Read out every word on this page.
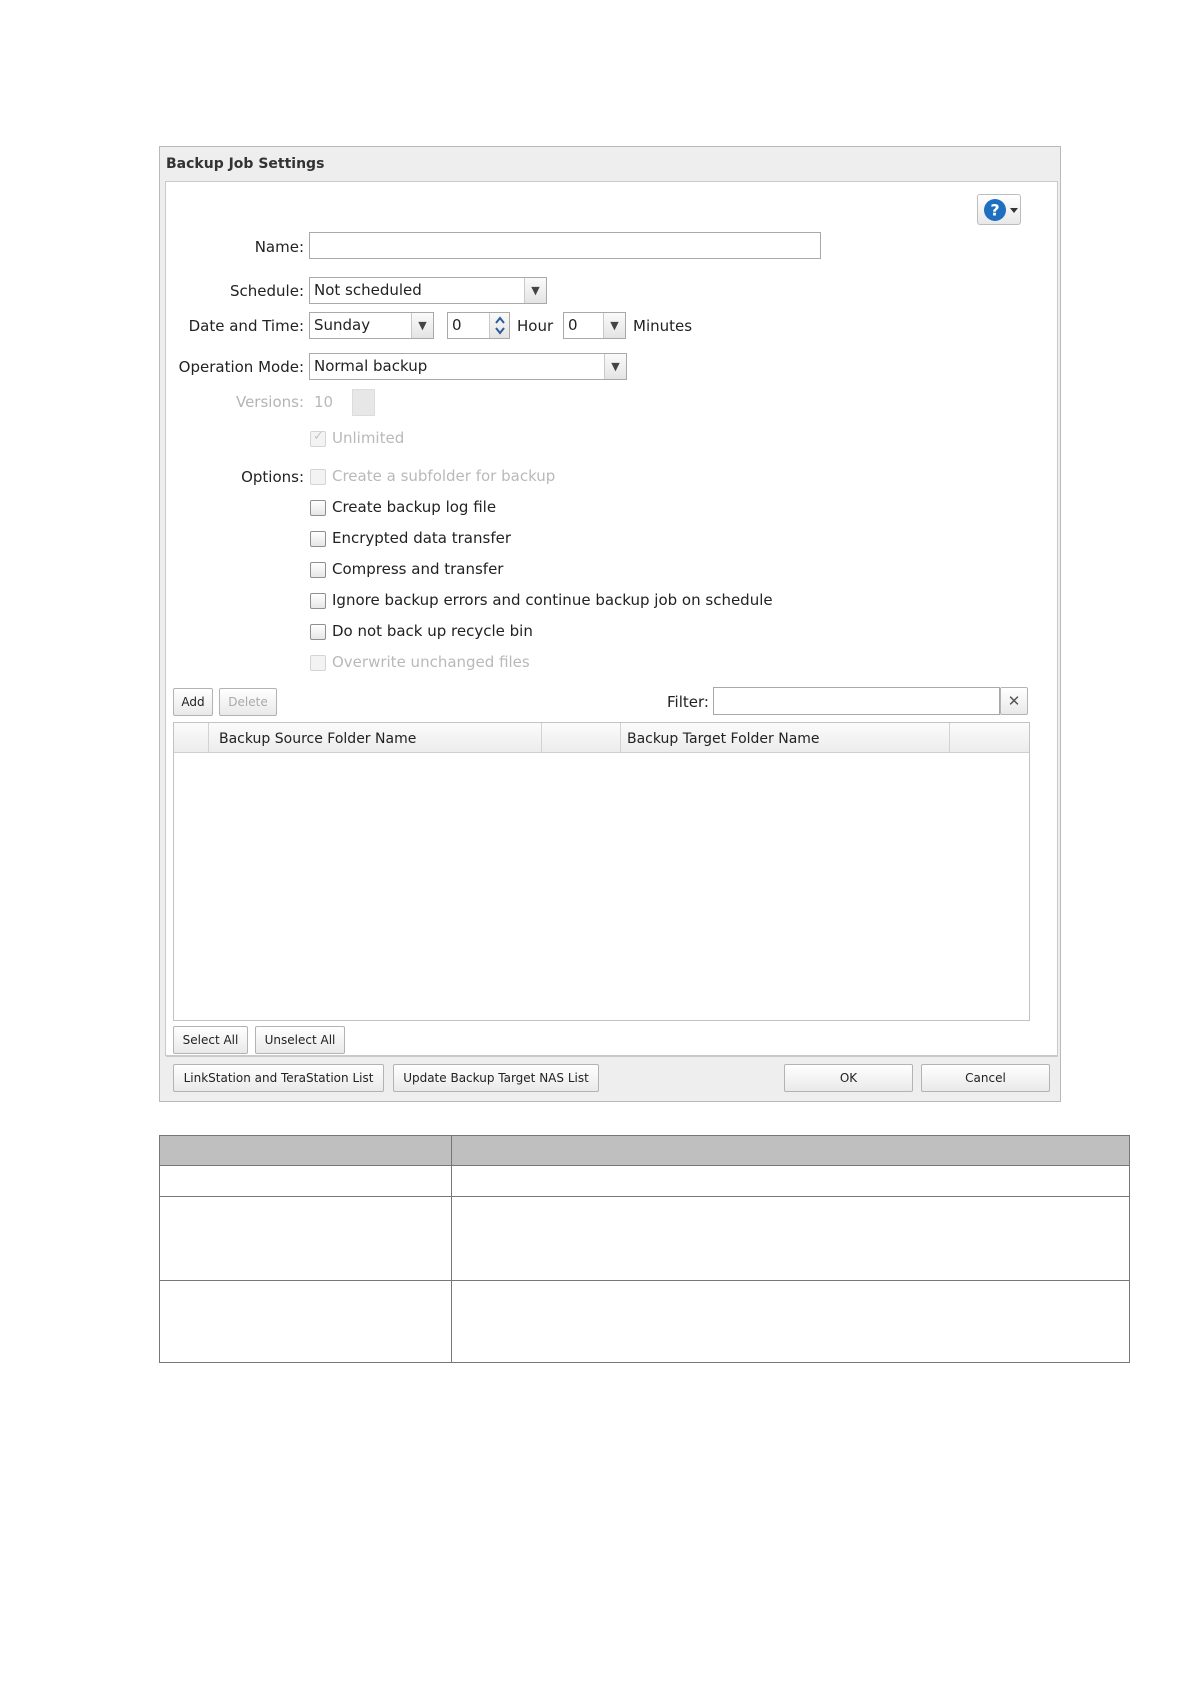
Backup Job Settings
?
Name:
Schedule: Not scheduled	▼
Date and Time: Sunday	▼	0	Hour 0	▼ Minutes
Operation Mode: Normal backup	▼
Versions: 10
✓
Unlimited
Options: Create a subfolder for backup
Create backup log file
Encrypted data transfer
Compress and transfer
Ignore backup errors and continue backup job on schedule
Do not back up recycle bin
Overwrite unchanged files
Add	Delete	Filter:	✕
Backup Source Folder Name	Backup Target Folder Name
Select All	Unselect All
LinkStation and TeraStation List	Update Backup Target NAS List	OK	Cancel
